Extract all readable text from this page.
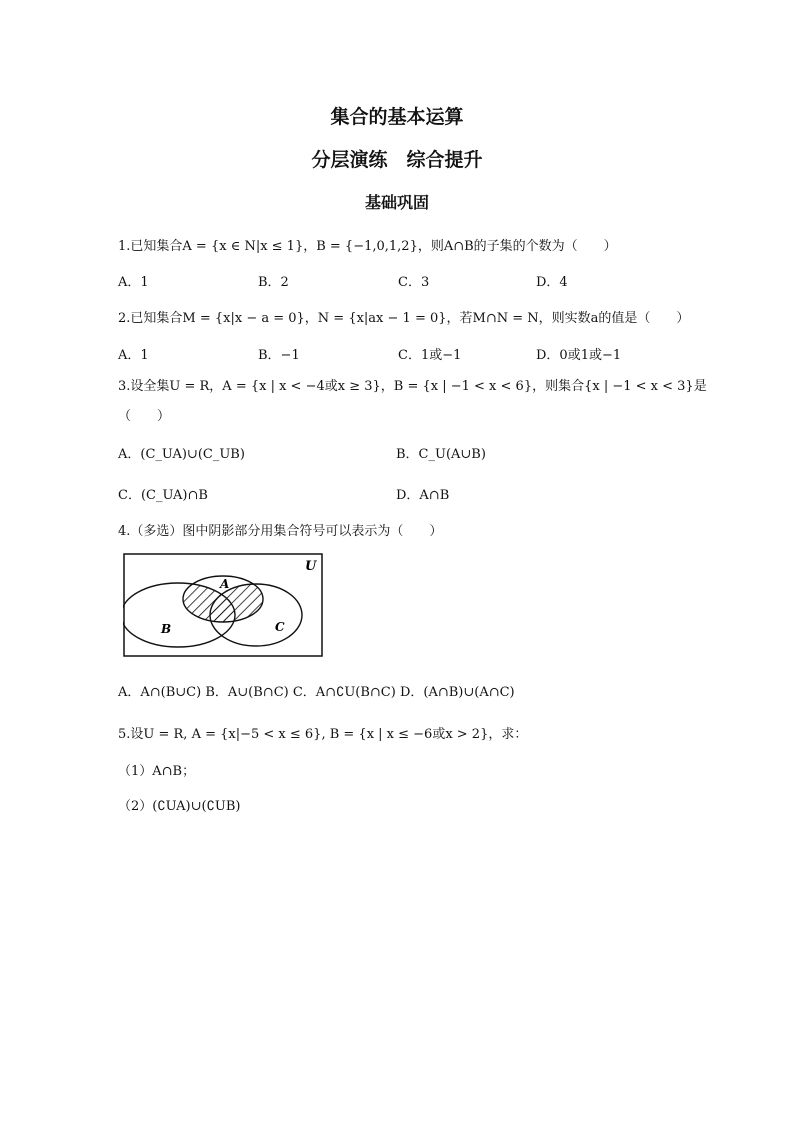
集合的基本运算
分层演练　综合提升
基础巩固
1.已知集合A = {x ∈ N|x ≤ 1}，B = {−1,0,1,2}，则A∩B的子集的个数为（　　）
A．1	B．2	C．3	D．4
2.已知集合M = {x|x − a = 0}，N = {x|ax − 1 = 0}，若M∩N = N，则实数a的值是（　　）
A．1	B．−1	C．1或−1	D．0或1或−1
3.设全集U = R，A = {x | x < −4或x ≥ 3}，B = {x | −1 < x < 6}，则集合{x | −1 < x < 3}是
（　　）
A．(C_UA)∪(C_UB)	B．C_U(A∪B)
C．(C_UA)∩B	D．A∩B
4.（多选）图中阴影部分用集合符号可以表示为（　　）
U
A
B	C
A．A∩(B∪C) B．A∪(B∩C) C．A∩∁U(B∩C) D．(A∩B)∪(A∩C)
5.设U = R, A = {x|−5 < x ≤ 6}, B = {x | x ≤ −6或x > 2}，求：
（1）A∩B；
（2）(∁UA)∪(∁UB)
